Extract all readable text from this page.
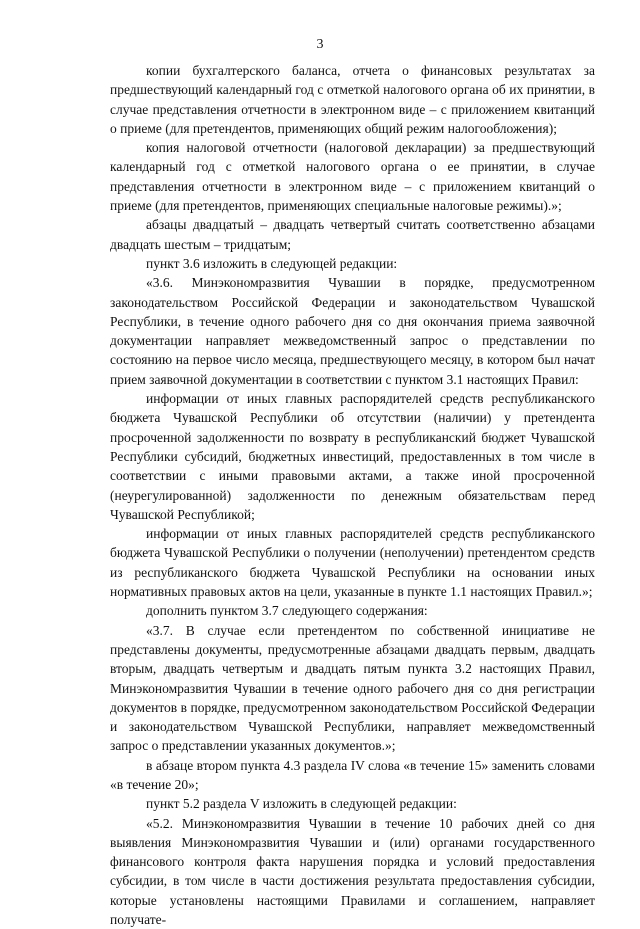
3

копии бухгалтерского баланса, отчета о финансовых результатах за предшествующий календарный год с отметкой налогового органа об их принятии, в случае представления отчетности в электронном виде – с приложением квитанций о приеме (для претендентов, применяющих общий режим налогообложения);

копия налоговой отчетности (налоговой декларации) за предшествующий календарный год с отметкой налогового органа о ее принятии, в случае представления отчетности в электронном виде – с приложением квитанций о приеме (для претендентов, применяющих специальные налоговые режимы).»;

абзацы двадцатый – двадцать четвертый считать соответственно абзацами двадцать шестым – тридцатым;

пункт 3.6 изложить в следующей редакции:

«3.6. Минэкономразвития Чувашии в порядке, предусмотренном законодательством Российской Федерации и законодательством Чувашской Республики, в течение одного рабочего дня со дня окончания приема заявочной документации направляет межведомственный запрос о представлении по состоянию на первое число месяца, предшествующего месяцу, в котором был начат прием заявочной документации в соответствии с пунктом 3.1 настоящих Правил:

информации от иных главных распорядителей средств республиканского бюджета Чувашской Республики об отсутствии (наличии) у претендента просроченной задолженности по возврату в республиканский бюджет Чувашской Республики субсидий, бюджетных инвестиций, предоставленных в том числе в соответствии с иными правовыми актами, а также иной просроченной (неурегулированной) задолженности по денежным обязательствам перед Чувашской Республикой;

информации от иных главных распорядителей средств республиканского бюджета Чувашской Республики о получении (неполучении) претендентом средств из республиканского бюджета Чувашской Республики на основании иных нормативных правовых актов на цели, указанные в пункте 1.1 настоящих Правил.»;

дополнить пунктом 3.7 следующего содержания:

«3.7. В случае если претендентом по собственной инициативе не представлены документы, предусмотренные абзацами двадцать первым, двадцать вторым, двадцать четвертым и двадцать пятым пункта 3.2 настоящих Правил, Минэкономразвития Чувашии в течение одного рабочего дня со дня регистрации документов в порядке, предусмотренном законодательством Российской Федерации и законодательством Чувашской Республики, направляет межведомственный запрос о представлении указанных документов.»;

в абзаце втором пункта 4.3 раздела IV слова «в течение 15» заменить словами «в течение 20»;

пункт 5.2 раздела V изложить в следующей редакции:

«5.2. Минэкономразвития Чувашии в течение 10 рабочих дней со дня выявления Минэкономразвития Чувашии и (или) органами государственного финансового контроля факта нарушения порядка и условий предоставления субсидии, в том числе в части достижения результата предоставления субсидии, которые установлены настоящими Правилами и соглашением, направляет получате-
